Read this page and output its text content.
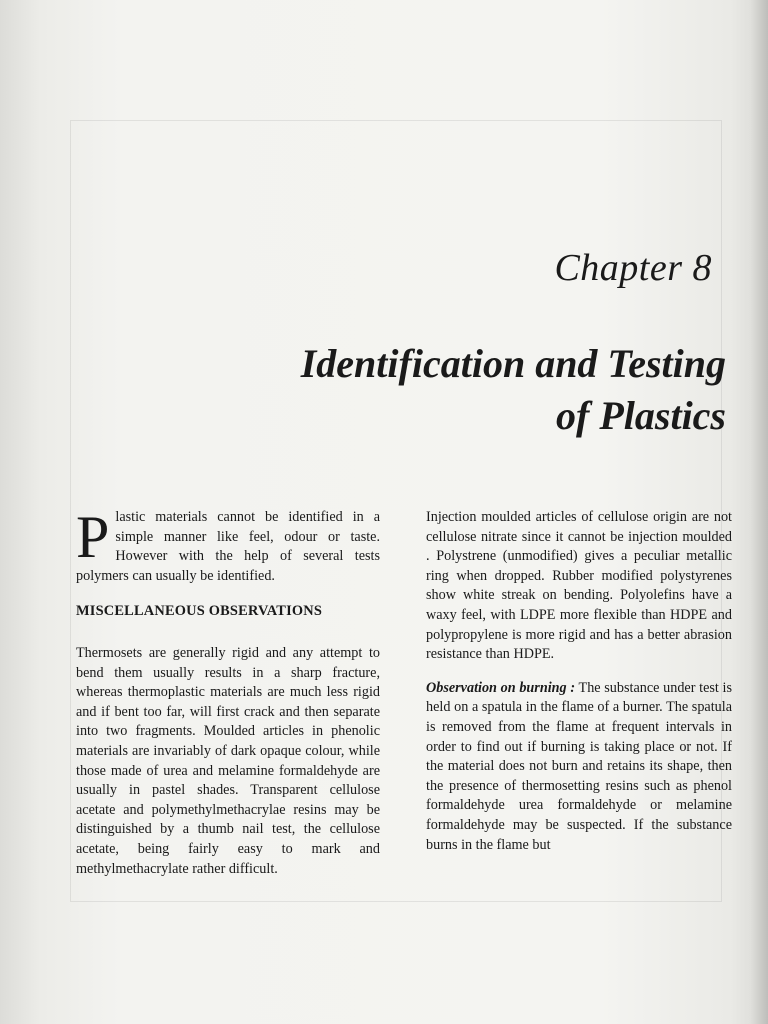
Chapter 8
Identification and Testing
of Plastics

Plastic materials cannot be identified in a simple manner like feel, odour or taste. However with the help of several tests polymers can usually be identified.

MISCELLANEOUS OBSERVATIONS

Thermosets are generally rigid and any attempt to bend them usually results in a sharp fracture, whereas thermoplastic materials are much less rigid and if bent too far, will first crack and then separate into two fragments. Moulded articles in phenolic materials are invariably of dark opaque colour, while those made of urea and melamine formaldehyde are usually in pastel shades. Transparent cellulose acetate and polymethylmethacrylae resins may be distinguished by a thumb nail test, the cellulose acetate, being fairly easy to mark and methylmethacrylate rather difficult.

Injection moulded articles of cellulose origin are not cellulose nitrate since it cannot be injection moulded . Polystrene (unmodified) gives a peculiar metallic ring when dropped. Rubber modified polystyrenes show white streak on bending. Polyolefins have a waxy feel, with LDPE more flexible than HDPE and polypropylene is more rigid and has a better abrasion resistance than HDPE.

Observation on burning : The substance under test is held on a spatula in the flame of a burner. The spatula is removed from the flame at frequent intervals in order to find out if burning is taking place or not. If the material does not burn and retains its shape, then the presence of thermosetting resins such as phenol formaldehyde urea formaldehyde or melamine formaldehyde may be suspected. If the substance burns in the flame but
